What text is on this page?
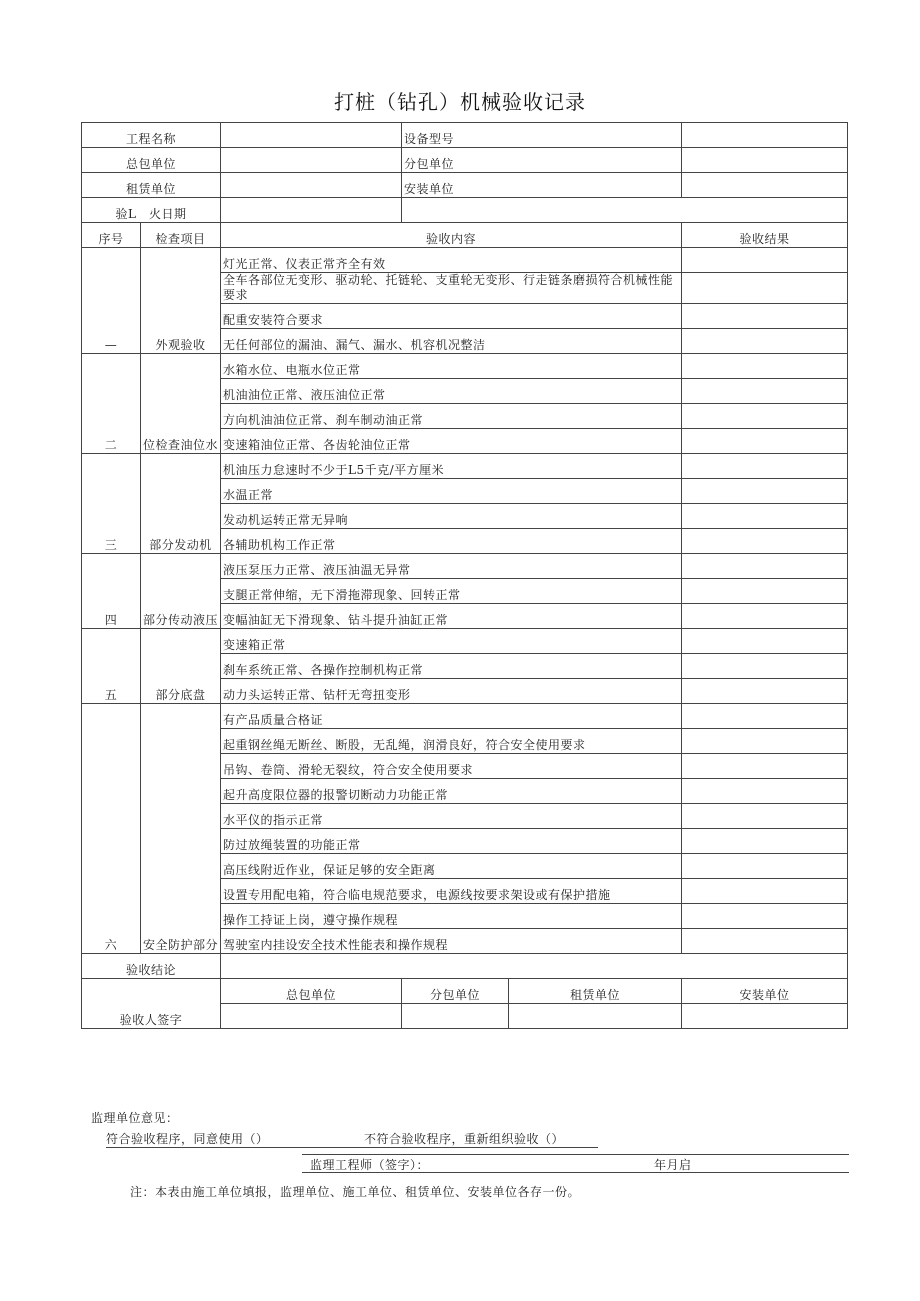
打桩（钻孔）机械验收记录
工程名称			设备型号		
总包单位			分包单位		
租赁单位			安装单位		
验L　火日期					
序号	检查项目	验收内容			验收结果
—	外观验收	灯光正常、仪表正常齐全有效			
		全车各部位无变形、驱动轮、托链轮、支重轮无变形、行走链条磨损符合机械性能要求			
		配重安装符合要求			
		无任何部位的漏油、漏气、漏水、机容机况整洁			
二	位检查油位水	水箱水位、电瓶水位正常			
		机油油位正常、液压油位正常			
		方向机油油位正常、刹车制动油正常			
		变速箱油位正常、各齿轮油位正常			
三	部分发动机	机油压力怠速时不少于L5千克/平方厘米			
		水温正常			
		发动机运转正常无异响			
		各辅助机构工作正常			
四	部分传动液压	液压泵压力正常、液压油温无异常			
		支腿正常伸缩，无下滑拖滞现象、回转正常			
		变幅油缸无下滑现象、钻斗提升油缸正常			
五	部分底盘	变速箱正常			
		刹车系统正常、各操作控制机构正常			
		动力头运转正常、钻杆无弯扭变形			
六	安全防护部分	有产品质量合格证			
		起重钢丝绳无断丝、断股，无乱绳，润滑良好，符合安全使用要求			
		吊钩、卷筒、滑轮无裂纹，符合安全使用要求			
		起升高度限位器的报警切断动力功能正常			
		水平仪的指示正常			
		防过放绳装置的功能正常			
		高压线附近作业，保证足够的安全距离			
		设置专用配电箱，符合临电规范要求，电源线按要求架设或有保护措施			
		操作工持证上岗，遵守操作规程			
		驾驶室内挂设安全技术性能表和操作规程			
验收结论					
验收人签字		总包单位	分包单位	租赁单位	安装单位

监理单位意见：
符合验收程序，同意使用（）	不符合验收程序，重新组织验收（）
监理工程师（签字）：	年月启
注：本表由施工单位填报，监理单位、施工单位、租赁单位、安装单位各存一份。
